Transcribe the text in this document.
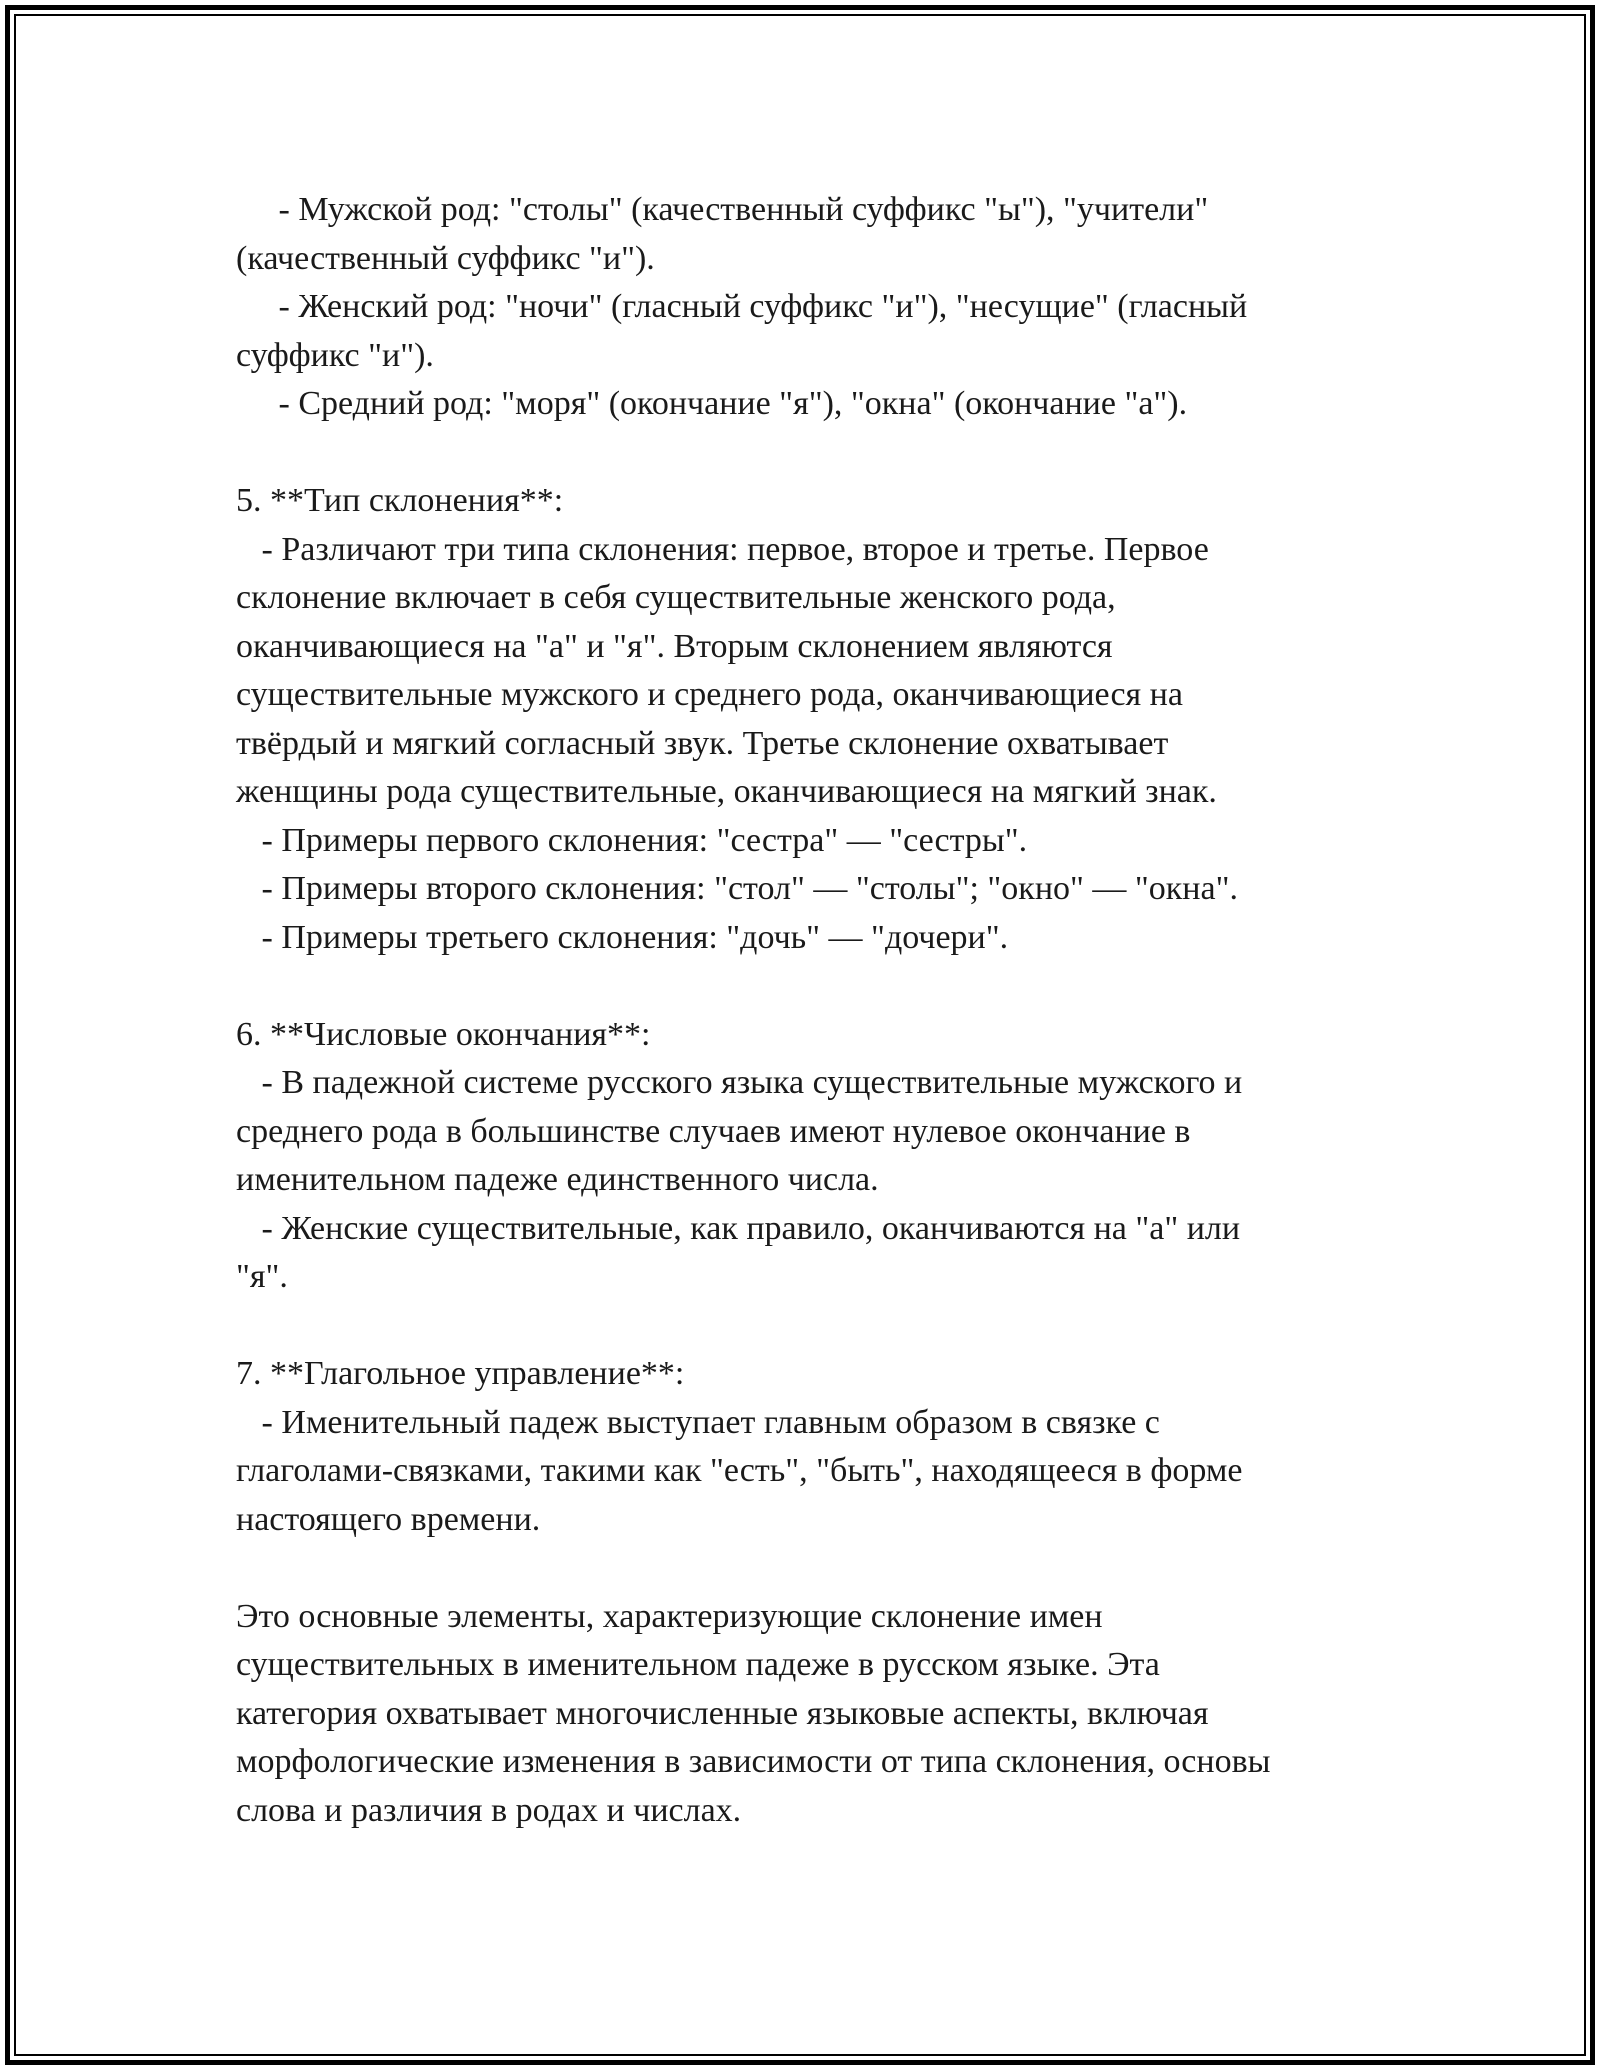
- Мужской род: "столы" (качественный суффикс "ы"), "учители"
(качественный суффикс "и").
- Женский род: "ночи" (гласный суффикс "и"), "несущие" (гласный
суффикс "и").
- Средний род: "моря" (окончание "я"), "окна" (окончание "а").
5. **Тип склонения**:
- Различают три типа склонения: первое, второе и третье. Первое
склонение включает в себя существительные женского рода,
оканчивающиеся на "а" и "я". Вторым склонением являются
существительные мужского и среднего рода, оканчивающиеся на
твёрдый и мягкий согласный звук. Третье склонение охватывает
женщины рода существительные, оканчивающиеся на мягкий знак.
- Примеры первого склонения: "сестра" — "сестры".
- Примеры второго склонения: "стол" — "столы"; "окно" — "окна".
- Примеры третьего склонения: "дочь" — "дочери".
6. **Числовые окончания**:
- В падежной системе русского языка существительные мужского и
среднего рода в большинстве случаев имеют нулевое окончание в
именительном падеже единственного числа.
- Женские существительные, как правило, оканчиваются на "а" или
"я".
7. **Глагольное управление**:
- Именительный падеж выступает главным образом в связке с
глаголами-связками, такими как "есть", "быть", находящееся в форме
настоящего времени.
Это основные элементы, характеризующие склонение имен
существительных в именительном падеже в русском языке. Эта
категория охватывает многочисленные языковые аспекты, включая
морфологические изменения в зависимости от типа склонения, основы
слова и различия в родах и числах.
